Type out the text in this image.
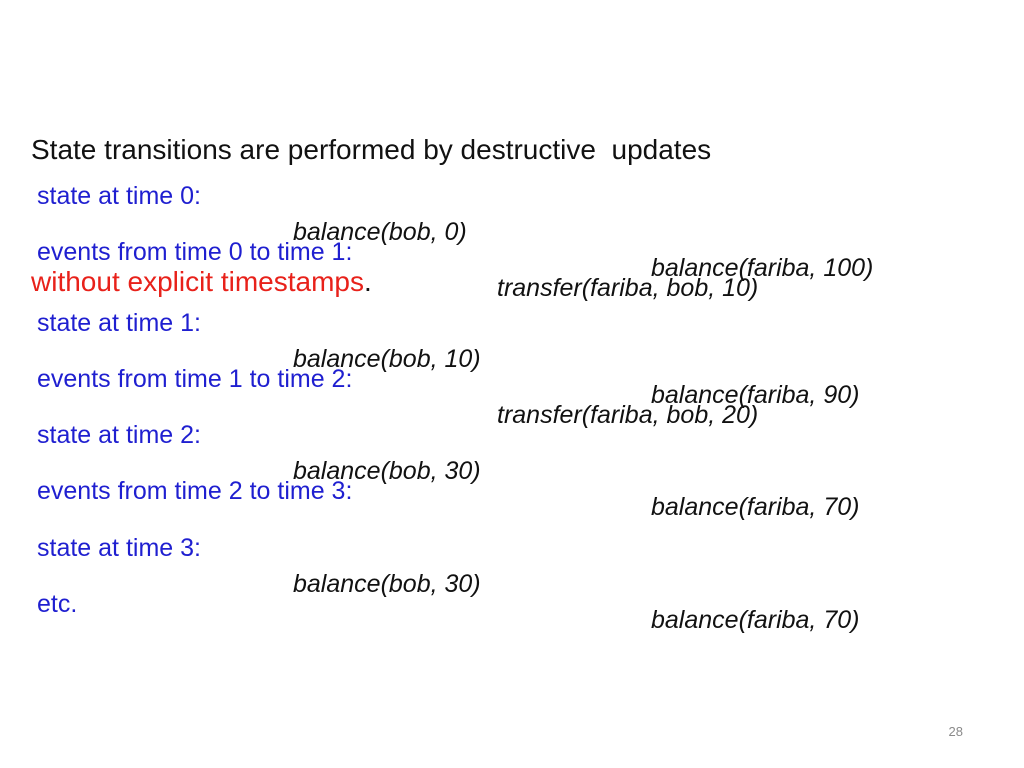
State transitions are performed by destructive  updates

without explicit timestamps.

state at time 0:

balance(bob, 0)

balance(fariba, 100)

events from time 0 to time 1:

transfer(fariba, bob, 10)

state at time 1:

balance(bob, 10)

balance(fariba, 90)

events from time 1 to time 2:

transfer(fariba, bob, 20)

state at time 2:

balance(bob, 30)

balance(fariba, 70)

events from time 2 to time 3:

state at time 3:

balance(bob, 30)

balance(fariba, 70)

etc.

28
